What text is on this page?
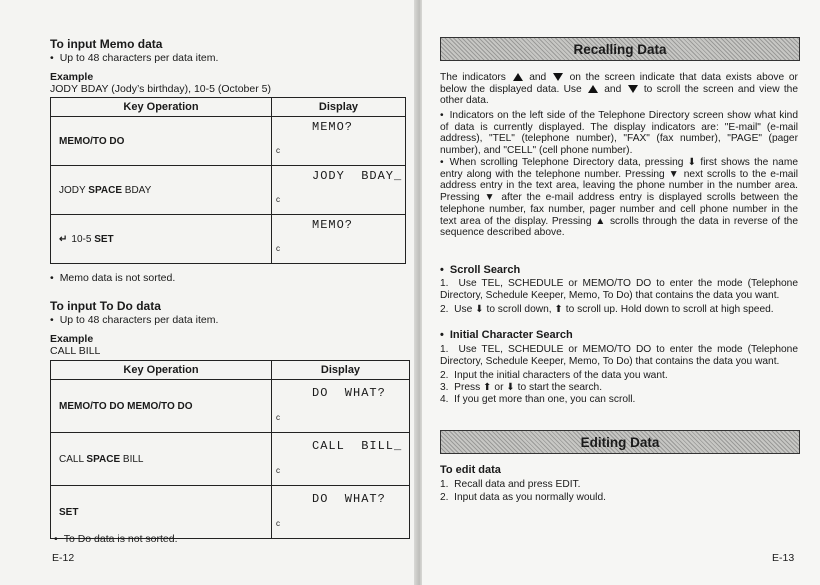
To input Memo data
• Up to 48 characters per data item.
Example
JODY BDAY (Jody’s birthday), 10-5 (October 5)
Key Operation	Display
MEMO/TO DO	MEMO?
c

JODY SPACE BDAY	JODY  BDAY_
c

↵ 10-5 SET	MEMO?
c
• Memo data is not sorted.
To input To Do data
• Up to 48 characters per data item.
Example
CALL BILL
Key Operation	Display
MEMO/TO DO MEMO/TO DO	DO  WHAT?
c

CALL SPACE BILL	CALL  BILL_
c

SET	DO  WHAT?
c
• To Do data is not sorted.
E-12
Recalling Data
The indicators and on the screen indicate that data exists above or below the displayed data. Use and to scroll the screen and view the other data.
• Indicators on the left side of the Telephone Directory screen show what kind of data is currently displayed. The display indicators are: "E-mail" (e-mail address), "TEL" (telephone number), "FAX" (fax number), "PAGE" (pager number), and "CELL" (cell phone number).
• When scrolling Telephone Directory data, pressing ⬇ first shows the name entry along with the telephone number. Pressing ▼ next scrolls to the e-mail address entry in the text area, leaving the phone number in the number area. Pressing ▼ after the e-mail address entry is displayed scrolls between the telephone number, fax number, pager number and cell phone number in the text area of the display. Pressing ▲ scrolls through the data in reverse of the sequence described above.
• Scroll Search
1.  Use TEL, SCHEDULE or MEMO/TO DO to enter the mode (Telephone Directory, Schedule Keeper, Memo, To Do) that contains the data you want.
2.  Use ⬇ to scroll down, ⬆ to scroll up. Hold down to scroll at high speed.
• Initial Character Search
1.  Use TEL, SCHEDULE or MEMO/TO DO to enter the mode (Telephone Directory, Schedule Keeper, Memo, To Do) that contains the data you want.
2.  Input the initial characters of the data you want.
3.  Press ⬆ or ⬇ to start the search.
4.  If you get more than one, you can scroll.
Editing Data
To edit data
1.  Recall data and press EDIT.
2.  Input data as you normally would.
E-13
